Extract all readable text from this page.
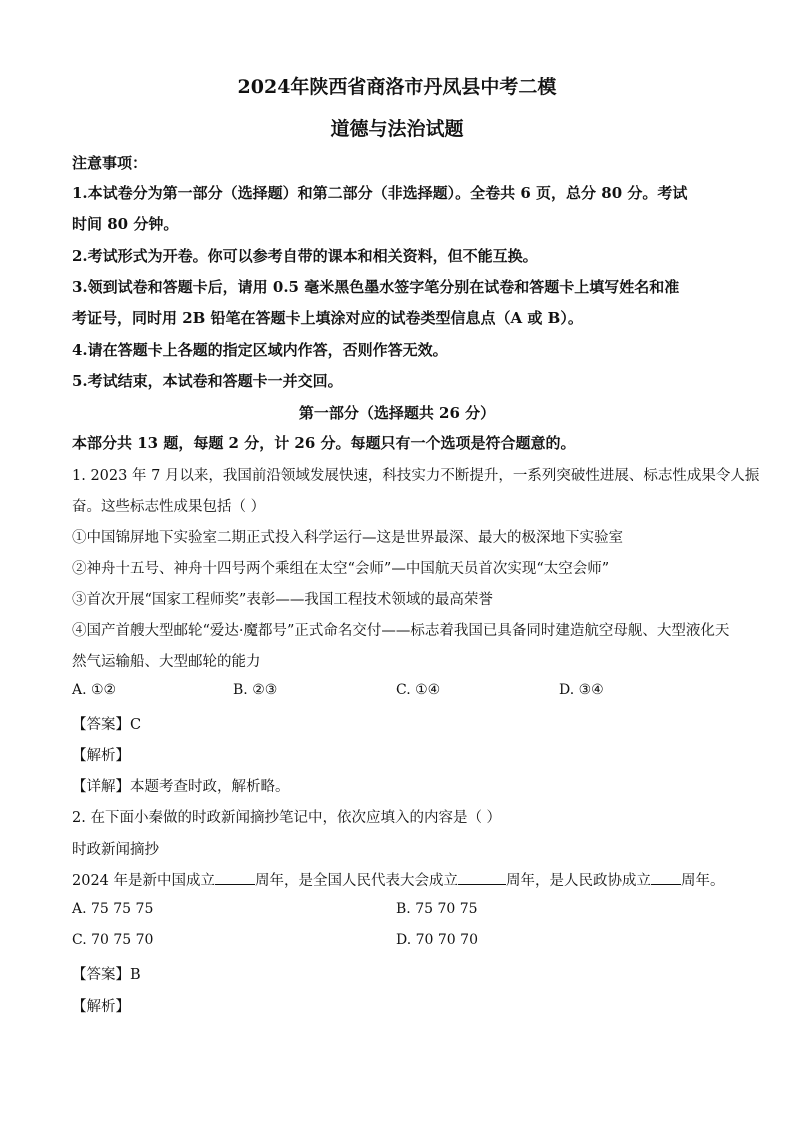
2024年陕西省商洛市丹凤县中考二模
道德与法治试题
注意事项：
1.本试卷分为第一部分（选择题）和第二部分（非选择题）。全卷共 6 页，总分 80 分。考试
时间 80 分钟。
2.考试形式为开卷。你可以参考自带的课本和相关资料，但不能互换。
3.领到试卷和答题卡后，请用 0.5 毫米黑色墨水签字笔分别在试卷和答题卡上填写姓名和准
考证号，同时用 2B 铅笔在答题卡上填涂对应的试卷类型信息点（A 或 B）。
4.请在答题卡上各题的指定区域内作答，否则作答无效。
5.考试结束，本试卷和答题卡一并交回。
第一部分（选择题共 26 分）
本部分共 13 题，每题 2 分，计 26 分。每题只有一个选项是符合题意的。
1. 2023 年 7 月以来，我国前沿领域发展快速，科技实力不断提升，一系列突破性进展、标志性成果令人振
奋。这些标志性成果包括（ ）
①中国锦屏地下实验室二期正式投入科学运行—这是世界最深、最大的极深地下实验室
②神舟十五号、神舟十四号两个乘组在太空“会师”—中国航天员首次实现“太空会师”
③首次开展“国家工程师奖”表彰——我国工程技术领域的最高荣誉
④国产首艘大型邮轮“爱达·魔都号”正式命名交付——标志着我国已具备同时建造航空母舰、大型液化天
然气运输船、大型邮轮的能力
A. ①②	B. ②③	C. ①④	D. ③④
【答案】C
【解析】
【详解】本题考查时政，解析略。
2. 在下面小秦做的时政新闻摘抄笔记中，依次应填入的内容是（ ）
时政新闻摘抄
2024 年是新中国成立	周年，是全国人民代表大会成立	周年，是人民政协成立 周年。
A. 75 75 75	B. 75 70 75
C. 70 75 70	D. 70 70 70
【答案】B
【解析】
